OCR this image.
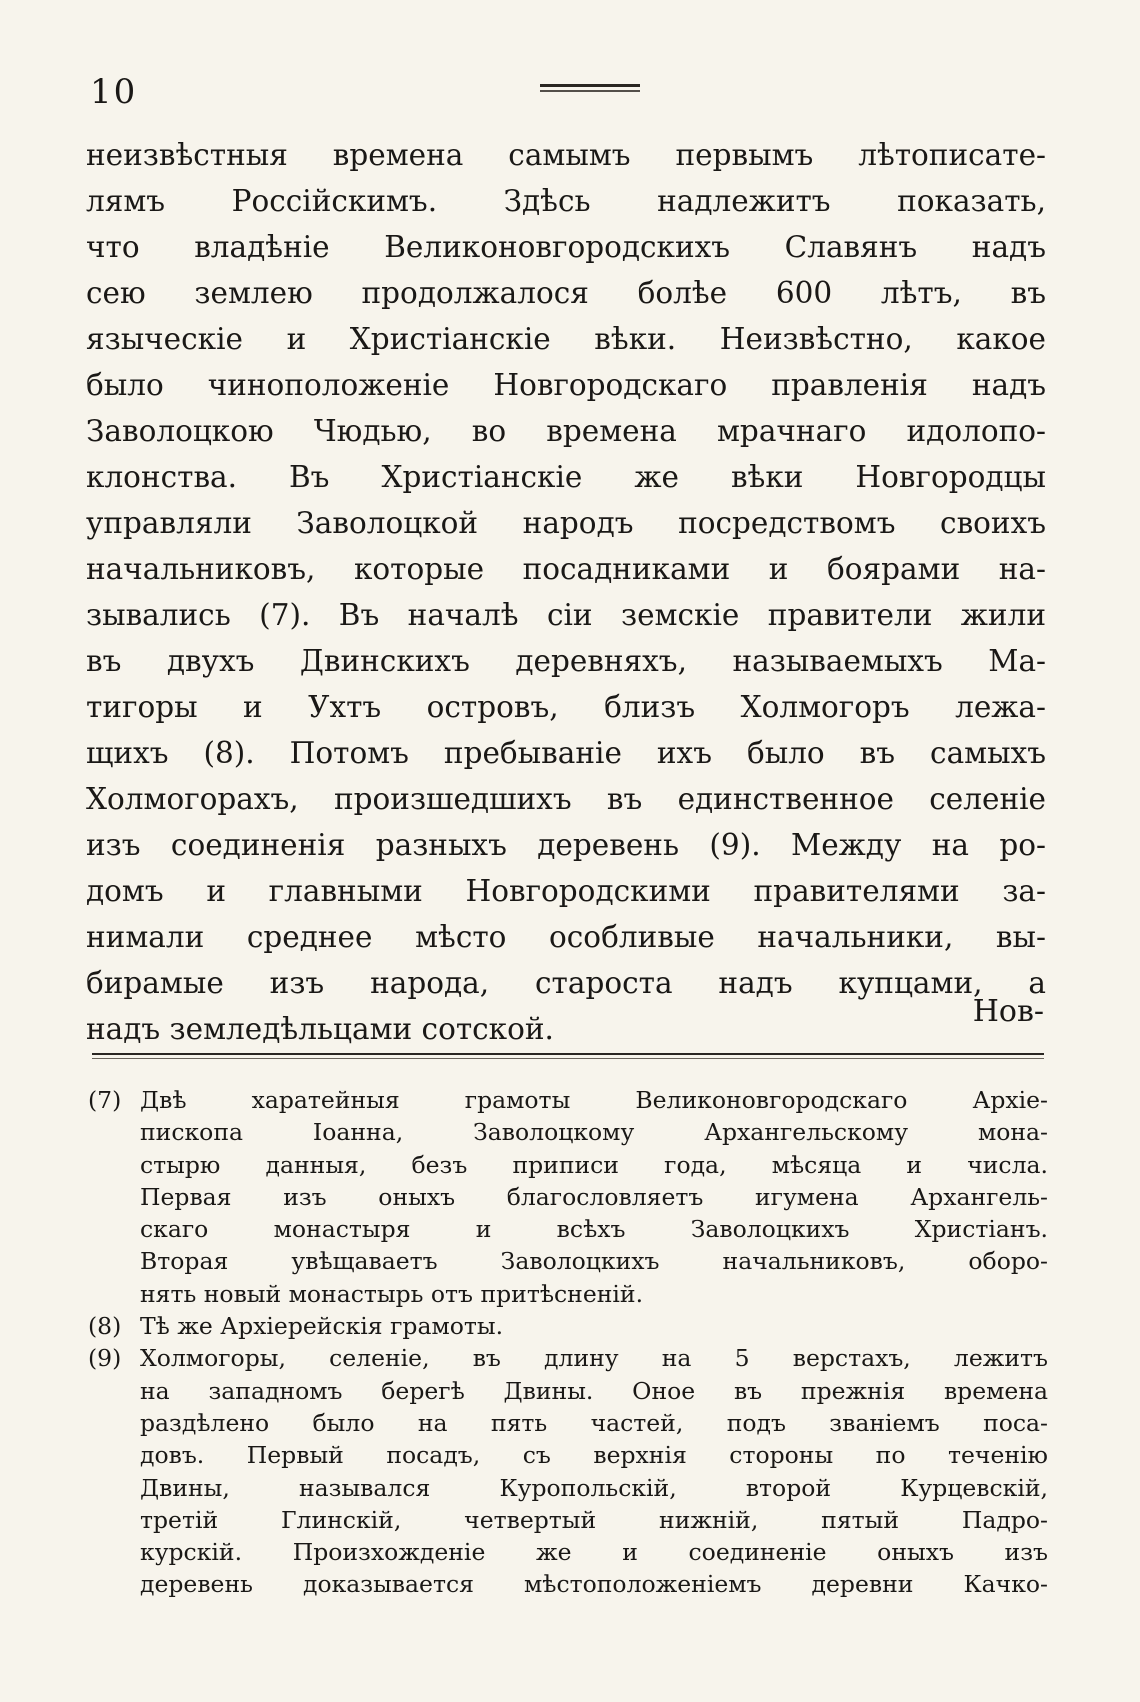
10
неизвѣстныя времена самымъ первымъ лѣтописате-
лямъ Россійскимъ. Здѣсь надлежитъ показать,
что владѣніе Великоновгородскихъ Славянъ надъ
сею землею продолжалося болѣе 600 лѣтъ, въ
языческіе и Христіанскіе вѣки. Неизвѣстно, какое
было чиноположеніе Новгородскаго правленія надъ
Заволоцкою Чюдью, во времена мрачнаго идолопо-
клонства. Въ Христіанскіе же вѣки Новгородцы
управляли Заволоцкой народъ посредствомъ своихъ
начальниковъ, которые посадниками и боярами на-
зывалиcь (7). Въ началѣ сіи земскіе правители жили
въ двухъ Двинскихъ деревняхъ, называемыхъ Ма-
тигоры и Ухтъ островъ, близъ Холмогоръ лежа-
щихъ (8). Потомъ пребываніе ихъ было въ самыхъ
Холмогорахъ, произшедшихъ въ единственное селеніе
изъ соединенія разныхъ деревень (9). Между на ро-
домъ и главными Новгородскими правителями за-
нимали среднее мѣсто особливые начальники, вы-
бирамые изъ народа, староста надъ купцами, а
надъ земледѣльцами сотской.	Нов-
(7) Двѣ харатейныя грамоты Великоновгородскаго Архіе-
пископа Іоанна, Заволоцкому Архангельскому мона-
стырю данныя, безъ приписи года, мѣсяца и числа.
Первая изъ оныхъ благословляетъ игумена Архангель-
скаго монастыря и всѣхъ Заволоцкихъ Христіанъ.
Вторая увѣщаваетъ Заволоцкихъ начальниковъ, оборо-
нять новый монастырь отъ притѣсненій.
(8) Тѣ же Архіерейскія грамоты.
(9) Холмогоры, селеніе, въ длину на 5 верстахъ, лежитъ
на западномъ берегѣ Двины. Оное въ прежнія времена
раздѣлено было на пять частей, подъ званіемъ поса-
довъ. Первый посадъ, съ верхнія стороны по теченію
Двины, назывался Куропольскій, второй Курцевскій,
третій Глинскій, четвертый нижній, пятый Падро-
курскій. Произхожденіе же и соединеніе оныхъ изъ
деревень доказывается мѣстоположеніемъ деревни Качко-
